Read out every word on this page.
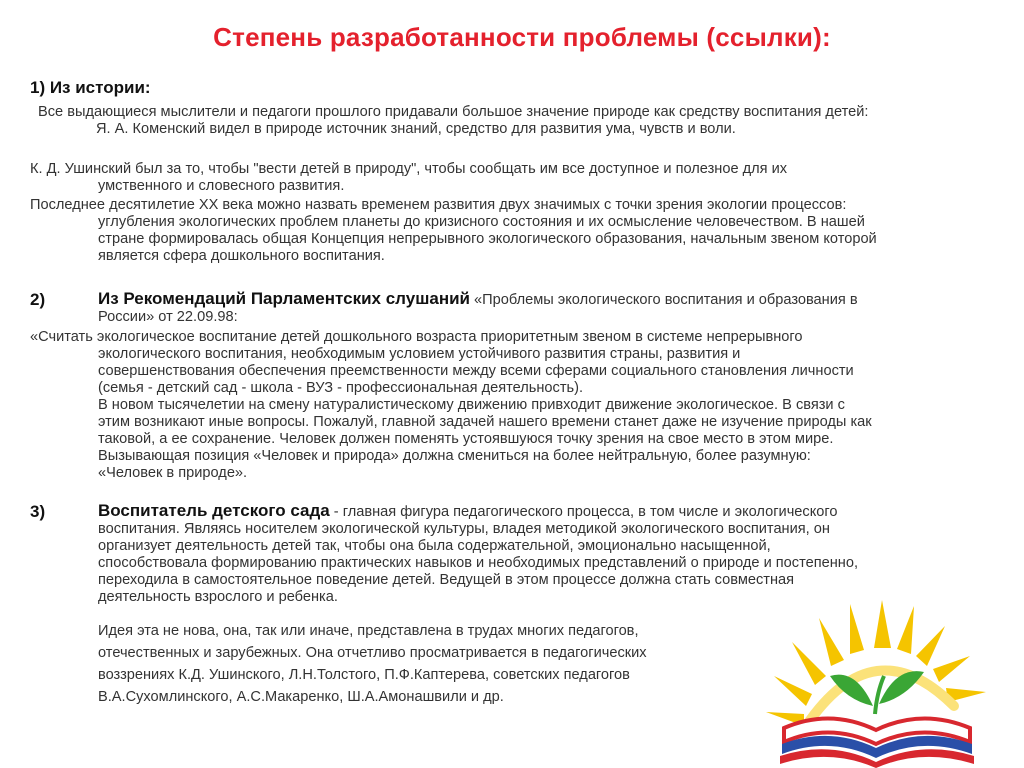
Степень разработанности проблемы (ссылки):
1) Из истории:
Все выдающиеся мыслители и педагоги прошлого придавали большое значение природе как средству воспитания детей:
Я. А. Коменский видел в природе источник знаний, средство для развития ума, чувств и воли.
К. Д. Ушинский был за то, чтобы "вести детей в природу", чтобы сообщать им все доступное и полезное для их
умственного и словесного развития.
Последнее десятилетие XX века можно назвать временем развития двух значимых с точки зрения экологии процессов:
углубления экологических проблем планеты до кризисного состояния и их осмысление человечеством. В нашей
стране формировалась общая Концепция непрерывного экологического образования, начальным звеном которой
является сфера дошкольного воспитания.
2)	Из Рекомендаций Парламентских слушаний «Проблемы экологического воспитания и образования в
России» от 22.09.98:
«Считать экологическое воспитание детей дошкольного возраста приоритетным звеном в системе непрерывного
экологического воспитания, необходимым условием устойчивого развития страны, развития и
совершенствования обеспечения преемственности между всеми сферами социального становления личности
(семья - детский сад - школа - ВУЗ - профессиональная деятельность).
В новом тысячелетии на смену натуралистическому движению привходит движение экологическое. В связи с
этим возникают иные вопросы. Пожалуй, главной задачей нашего времени станет даже не изучение природы как
таковой, а ее сохранение. Человек должен поменять устоявшуюся точку зрения на свое место в этом мире.
Вызывающая позиция «Человек и природа» должна смениться на более нейтральную, более разумную:
«Человек в природе».
3)	Воспитатель детского сада - главная фигура педагогического процесса, в том числе и экологического
воспитания. Являясь носителем экологической культуры, владея методикой экологического воспитания, он
организует деятельность детей так, чтобы она была содержательной, эмоционально насыщенной,
способствовала формированию практических навыков и необходимых представлений о природе и постепенно,
переходила в самостоятельное поведение детей. Ведущей в этом процессе должна стать совместная
деятельность взрослого и ребенка.
Идея эта не нова, она, так или иначе, представлена в трудах многих педагогов,
отечественных и зарубежных. Она отчетливо просматривается в педагогических
воззрениях К.Д. Ушинского, Л.Н.Толстого, П.Ф.Каптерева, советских педагогов
В.А.Сухомлинского, А.С.Макаренко, Ш.А.Амонашвили и др.
